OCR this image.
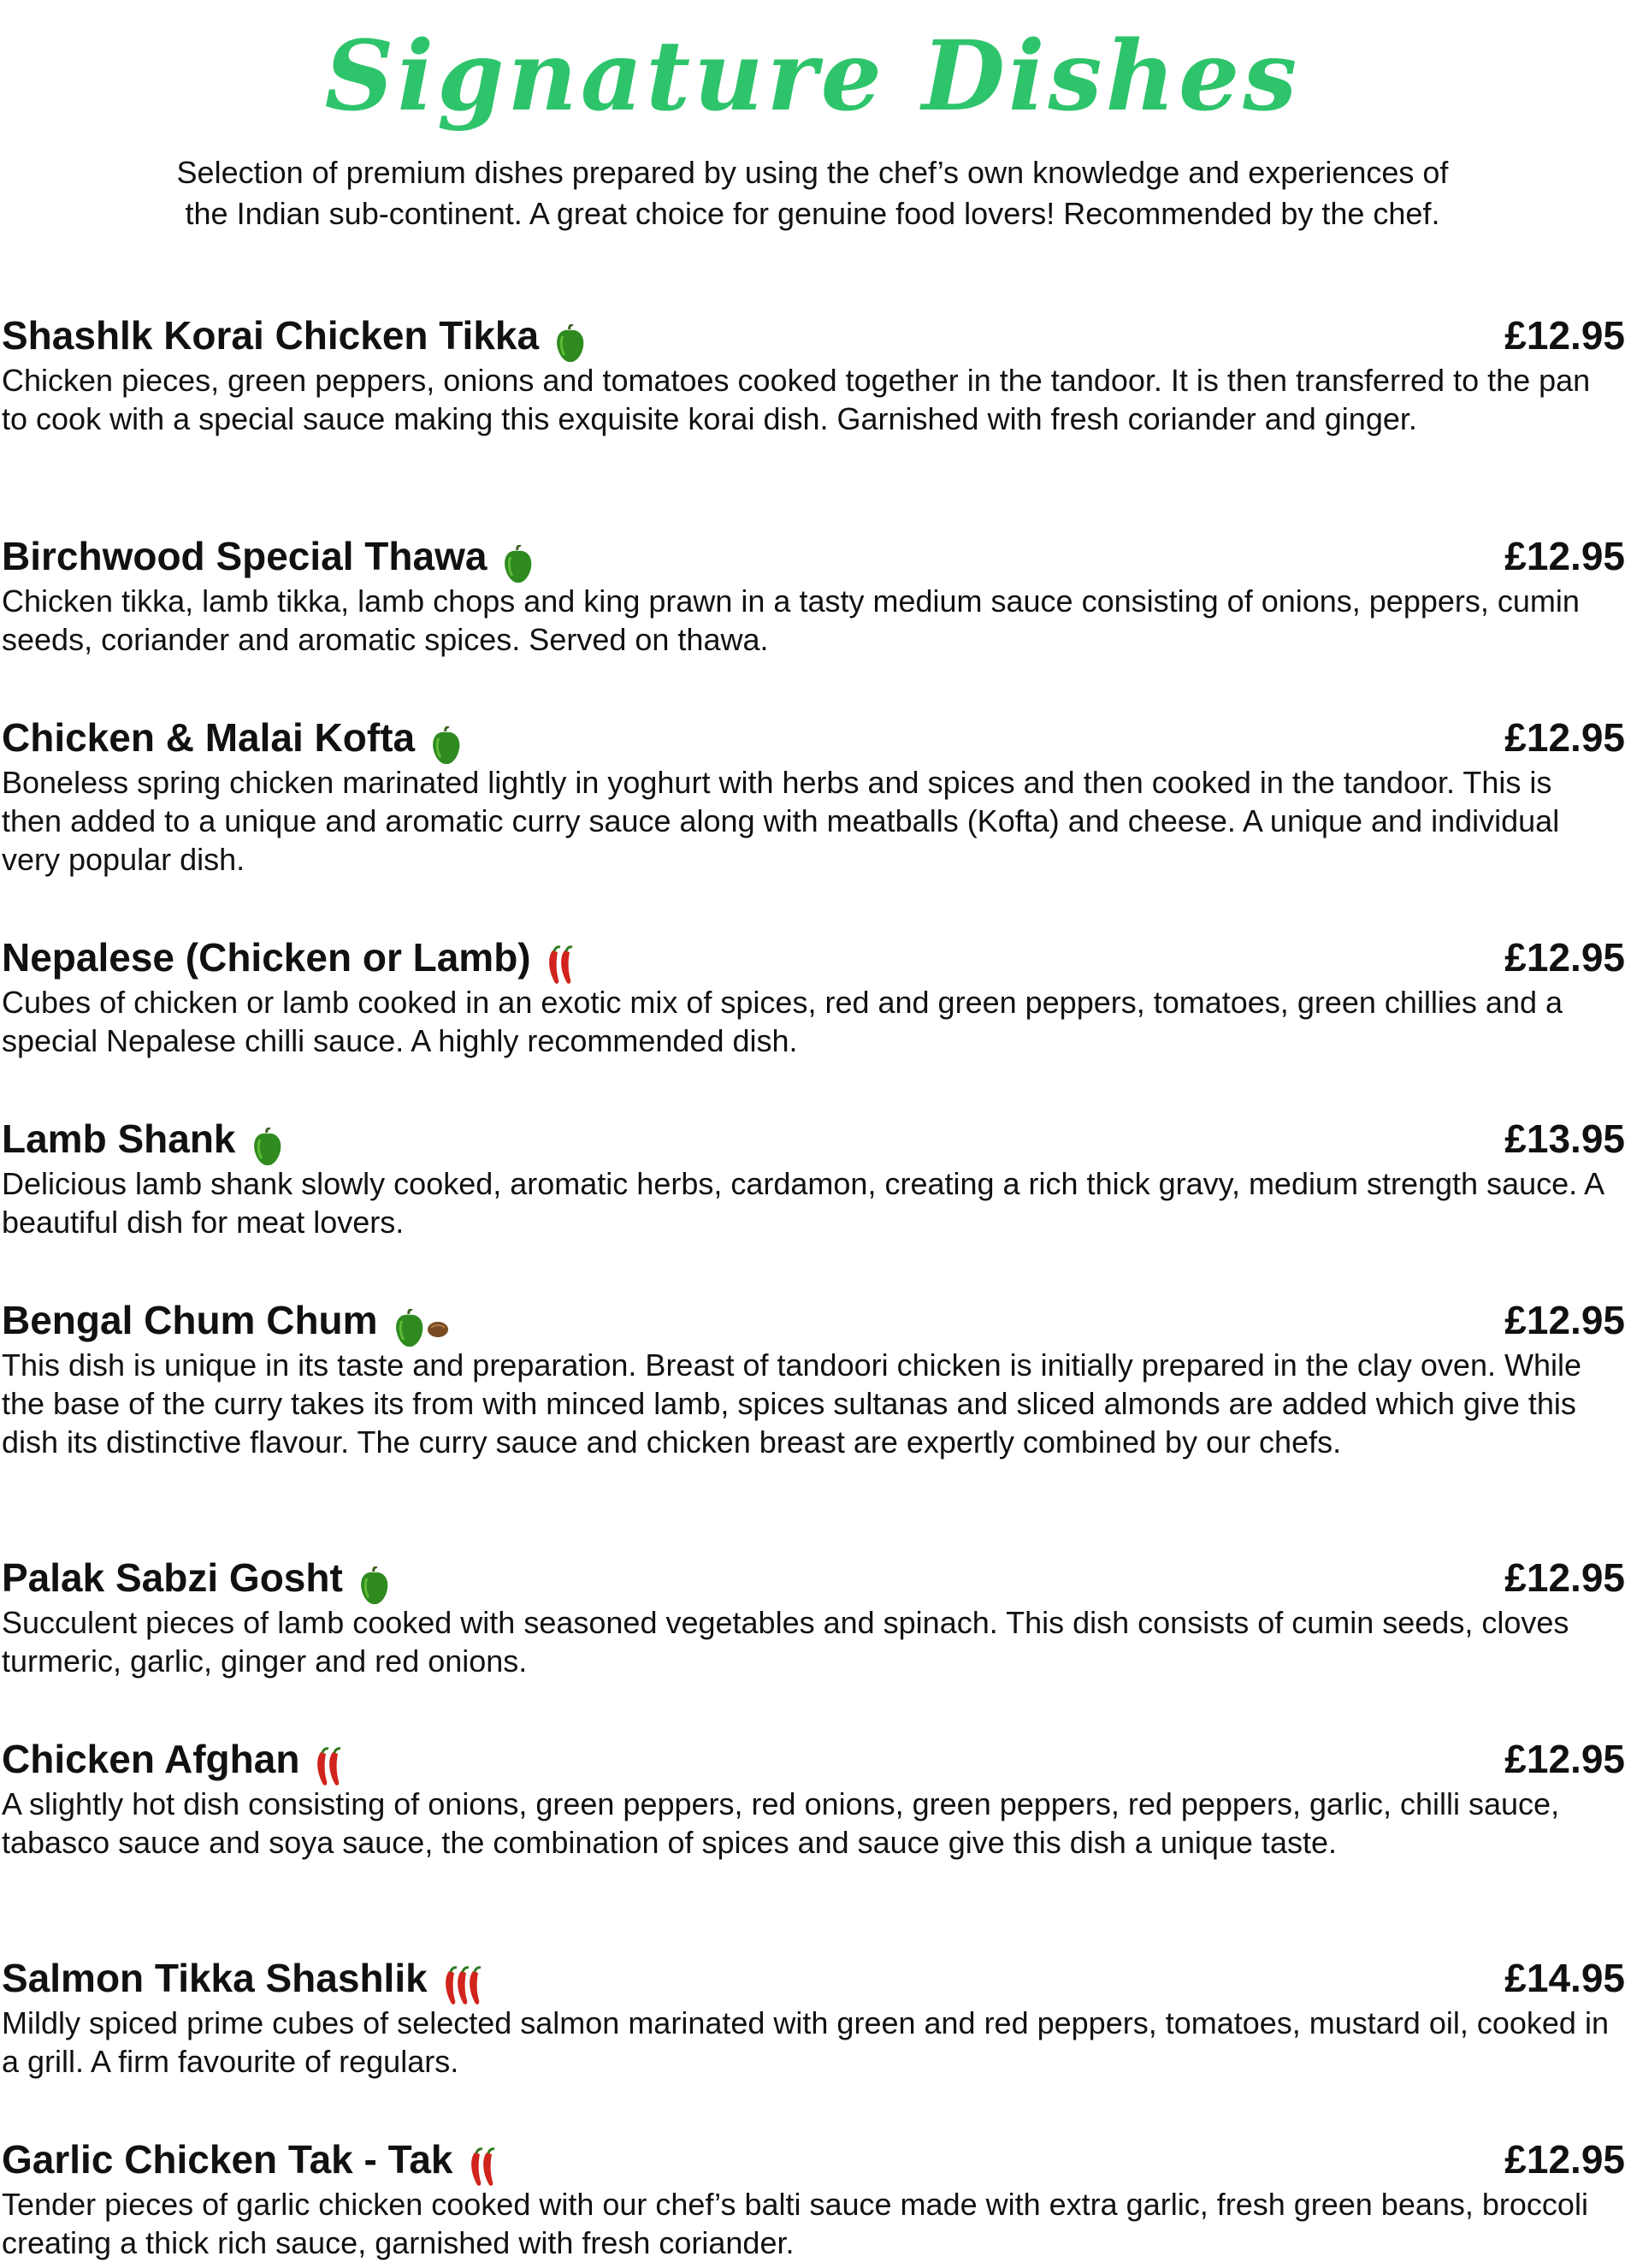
Signature Dishes
Selection of premium dishes prepared by using the chef’s own knowledge and experiences of
the Indian sub-continent. A great choice for genuine food lovers! Recommended by the chef.
Shashlk Korai Chicken Tikka	£12.95

Chicken pieces, green peppers, onions and tomatoes cooked together in the tandoor. It is then transferred to the pan to cook with a special sauce making this exquisite korai dish. Garnished with fresh coriander and ginger.

Birchwood Special Thawa	£12.95

Chicken tikka, lamb tikka, lamb chops and king prawn in a tasty medium sauce consisting of onions, peppers, cumin seeds, coriander and aromatic spices. Served on thawa.

Chicken & Malai Kofta	£12.95

Boneless spring chicken marinated lightly in yoghurt with herbs and spices and then cooked in the tandoor. This is then added to a unique and aromatic curry sauce along with meatballs (Kofta) and cheese. A unique and individual very popular dish.

Nepalese (Chicken or Lamb)	£12.95

Cubes of chicken or lamb cooked in an exotic mix of spices, red and green peppers, tomatoes, green chillies and a special Nepalese chilli sauce. A highly recommended dish.

Lamb Shank	£13.95

Delicious lamb shank slowly cooked, aromatic herbs, cardamon, creating a rich thick gravy, medium strength sauce. A beautiful dish for meat lovers.

Bengal Chum Chum	£12.95

This dish is unique in its taste and preparation. Breast of tandoori chicken is initially prepared in the clay oven. While the base of the curry takes its from with minced lamb, spices sultanas and sliced almonds are added which give this dish its distinctive flavour. The curry sauce and chicken breast are expertly combined by our chefs.

Palak Sabzi Gosht	£12.95

Succulent pieces of lamb cooked with seasoned vegetables and spinach. This dish consists of cumin seeds, cloves turmeric, garlic, ginger and red onions.

Chicken Afghan	£12.95

A slightly hot dish consisting of onions, green peppers, red onions, green peppers, red peppers, garlic, chilli sauce, tabasco sauce and soya sauce, the combination of spices and sauce give this dish a unique taste.

Salmon Tikka Shashlik	£14.95

Mildly spiced prime cubes of selected salmon marinated with green and red peppers, tomatoes, mustard oil, cooked in a grill. A firm favourite of regulars.

Garlic Chicken Tak - Tak	£12.95

Tender pieces of garlic chicken cooked with our chef’s balti sauce made with extra garlic, fresh green beans, broccoli creating a thick rich sauce, garnished with fresh coriander.
